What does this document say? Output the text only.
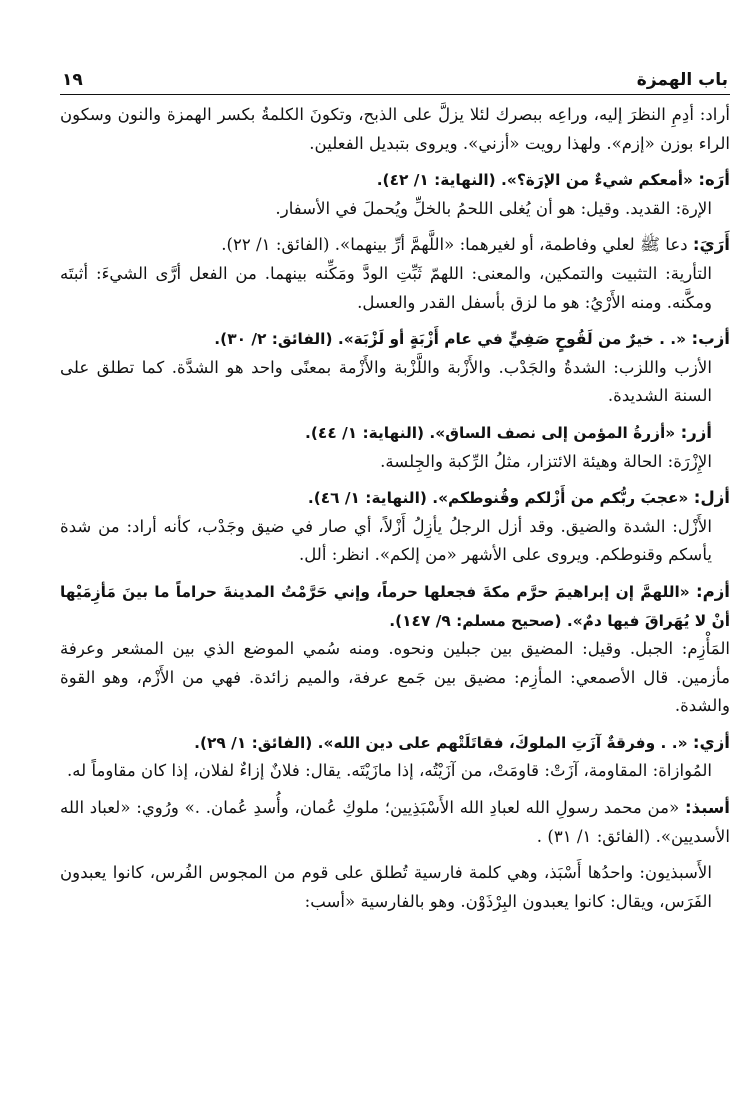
باب الهمزة
١٩

أراد: أدِمِ النظرَ إليه، وراعِه ببصرك لئلا يزلَّ على الذبح، وتكونَ الكلمةُ بكسر الهمزة والنون وسكون الراء بوزن «إزم». ولهذا رويت «أزني». ويروى بتبديل الفعلين.

أرَه: «أمعكم شيءٌ من الإرَة؟». (النهاية: ١/ ٤٢).

الإرة: القديد. وقيل: هو أن يُغلى اللحمُ بالخلِّ ويُحملَ في الأسفار.

أَرَيَ: دعا ﷺ لعلي وفاطمة، أو لغيرهما: «اللَّهمَّ أرِّ بينهما». (الفائق: ١/ ٢٢).

التأرية: التثبيت والتمكين، والمعنى: اللهمّ ثَبِّتِ الودَّ ومَكِّنه بينهما. من الفعل أرَّى الشيءَ: أثبتَه ومكَّنه. ومنه الأَرْيُ: هو ما لزق بأسفل القدر والعسل.

أزب: «. . خيرٌ من لَقُوحٍ صَفِيٍّ في عام أَزْبَةٍ أو لَزْبَة». (الفائق: ٢/ ٣٠).

الأزب واللزب: الشدةُ والجَدْب. والأَزْبة واللَّزْبة والأَزْمة بمعنًى واحد هو الشدَّة. كما تطلق على السنة الشديدة.

أزر: «أزرةُ المؤمن إلى نصف الساق». (النهاية: ١/ ٤٤).

الإِزْرَة: الحالة وهيئة الائتزار، مثلُ الرِّكبة والجِلسة.

أزل: «عجبَ ربُّكم من أَزْلكم وقُنوطكم». (النهاية: ١/ ٤٦).

الأَزْل: الشدة والضيق. وقد أزل الرجلُ يأزِلُ أَزْلاً، أي صار في ضيق وجَدْب، كأنه أراد: من شدة يأسكم وقنوطكم. ويروى على الأشهر «من إلكم». انظر: ألل.

أزم: «اللهمَّ إن إبراهيمَ حرَّم مكةَ فجعلها حرماً، وإني حَرَّمْتُ المدينةَ حراماً ما بينَ مَأزِمَيْها أنْ لا يُهَراقَ فيها دمٌ». (صحيح مسلم: ٩/ ١٤٧).

المَأْزِم: الجبل. وقيل: المضيق بين جبلين ونحوه. ومنه سُمي الموضع الذي بين المشعر وعرفة مأزمين. قال الأصمعي: المأزِم: مضيق بين جَمع عرفة، والميم زائدة. فهي من الأَزْم، وهو القوة والشدة.

أزي: «. . وفرقةٌ آزَتِ الملوكَ، فقاتَلَتْهم على دين الله». (الفائق: ١/ ٢٩).

المُوازاة: المقاومة، آزَتْ: قاومَتْ، من آزَيْتُه، إذا مازَيْتَه. يقال: فلانٌ إزاءٌ لفلان، إذا كان مقاوماً له.

أسبذ: «من محمد رسولِ الله لعبادِ الله الأَسْبَذِيين؛ ملوكِ عُمان، وأُسدِ عُمان. .» ورُوي: «لعباد الله الأسديين». (الفائق: ١/ ٣١) .

الأَسبذيون: واحدُها أَسْبَذ، وهي كلمة فارسية تُطلق على قوم من المجوس الفُرس، كانوا يعبدون الفَرَس، ويقال: كانوا يعبدون البِرْذَوْن. وهو بالفارسية «أسب:
